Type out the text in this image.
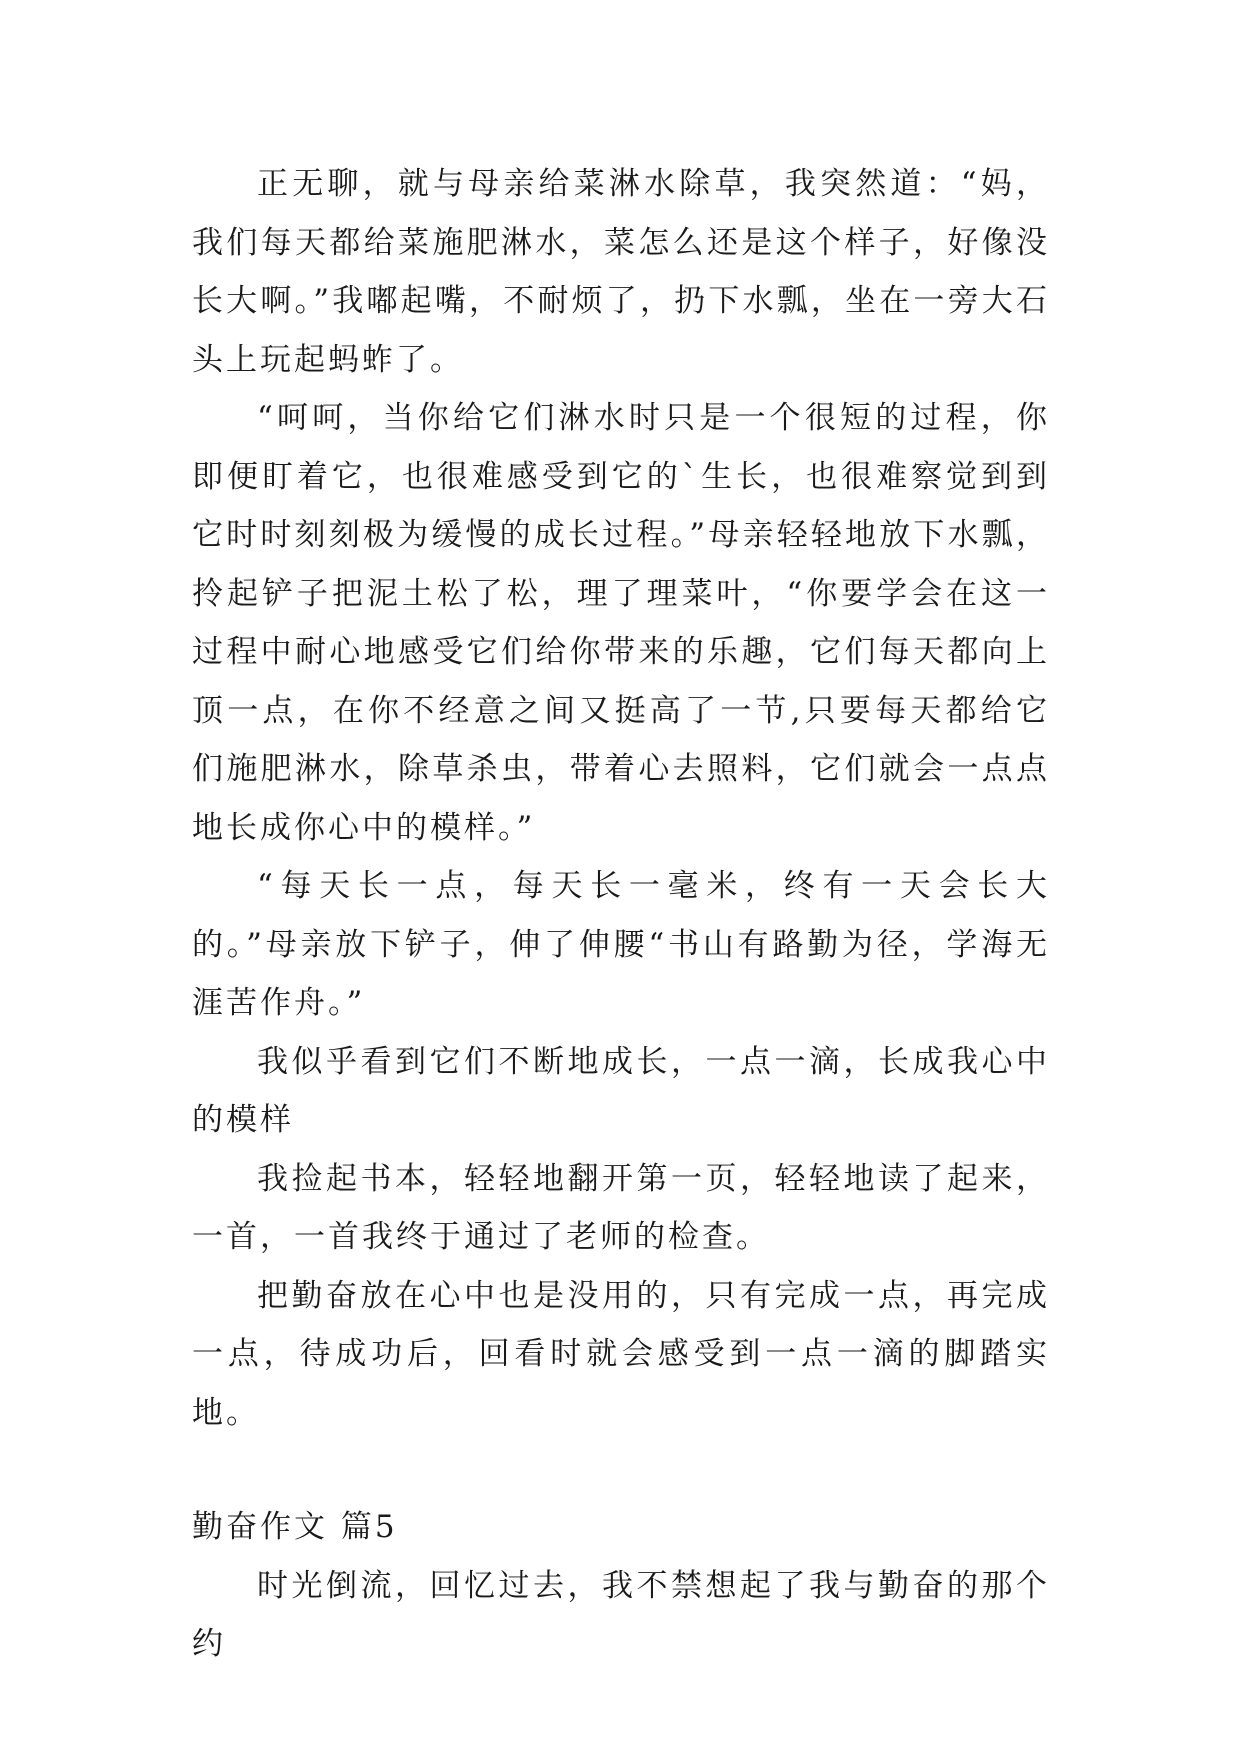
正无聊，就与母亲给菜淋水除草，我突然道：“妈，我们每天都给菜施肥淋水，菜怎么还是这个样子，好像没长大啊。”我嘟起嘴，不耐烦了，扔下水瓢，坐在一旁大石头上玩起蚂蚱了。

“呵呵，当你给它们淋水时只是一个很短的过程，你即便盯着它，也很难感受到它的`生长，也很难察觉到到它时时刻刻极为缓慢的成长过程。”母亲轻轻地放下水瓢，拎起铲子把泥土松了松，理了理菜叶，“你要学会在这一过程中耐心地感受它们给你带来的乐趣，它们每天都向上顶一点，在你不经意之间又挺高了一节,只要每天都给它们施肥淋水，除草杀虫，带着心去照料，它们就会一点点地长成你心中的模样。”

“每天长一点，每天长一毫米，终有一天会长大的。”母亲放下铲子，伸了伸腰“书山有路勤为径，学海无涯苦作舟。”

我似乎看到它们不断地成长，一点一滴，长成我心中的模样

我捡起书本，轻轻地翻开第一页，轻轻地读了起来，一首，一首我终于通过了老师的检查。

把勤奋放在心中也是没用的，只有完成一点，再完成一点，待成功后，回看时就会感受到一点一滴的脚踏实地。

勤奋作文 篇5

时光倒流，回忆过去，我不禁想起了我与勤奋的那个约
